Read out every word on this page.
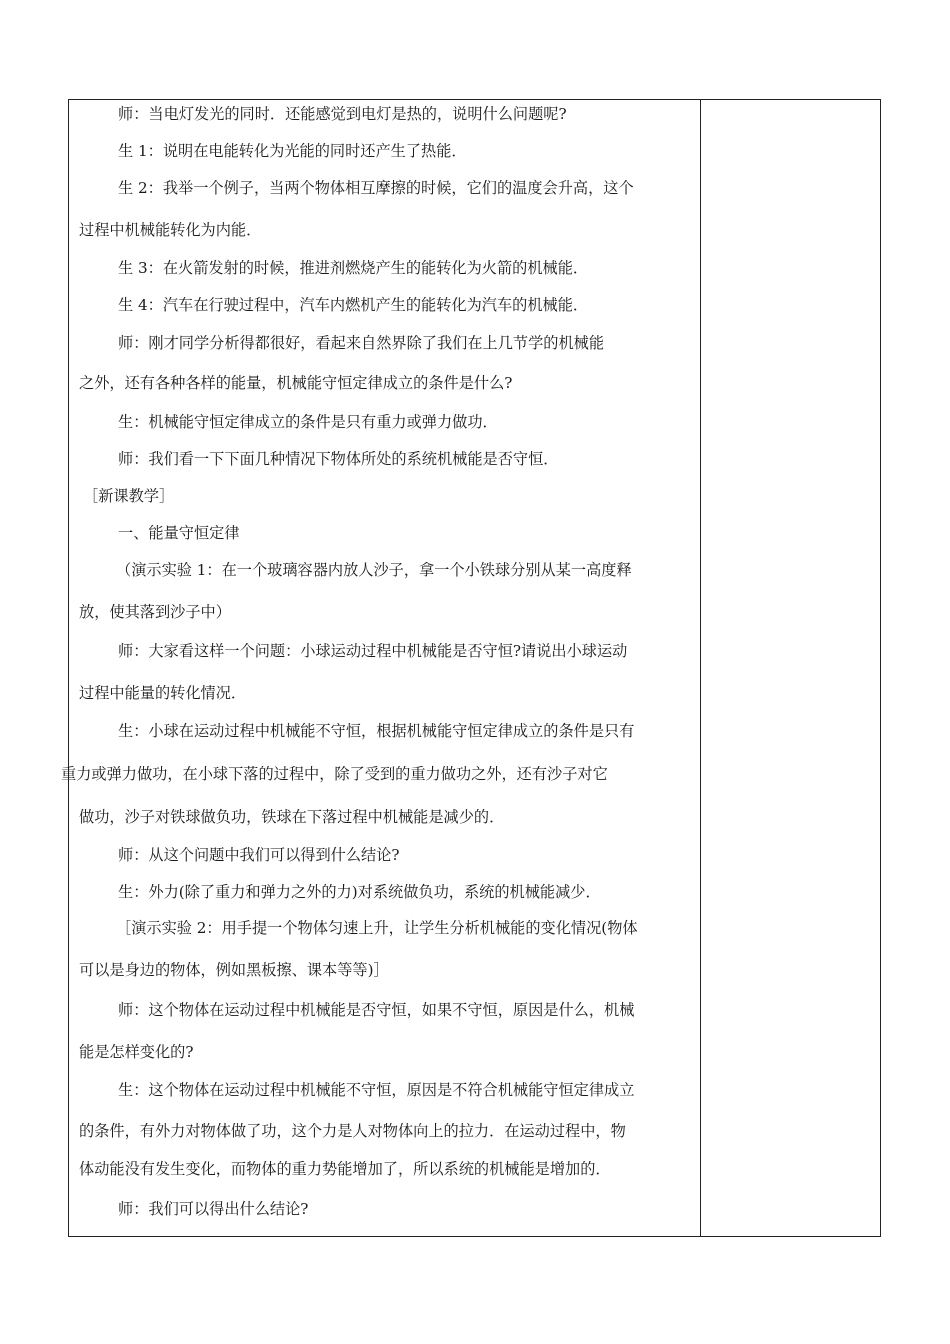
师：当电灯发光的同时．还能感觉到电灯是热的，说明什么问题呢?
生 1：说明在电能转化为光能的同时还产生了热能．
生 2：我举一个例子，当两个物体相互摩擦的时候，它们的温度会升高，这个
过程中机械能转化为内能．
生 3：在火箭发射的时候，推进剂燃烧产生的能转化为火箭的机械能．
生 4：汽车在行驶过程中，汽车内燃机产生的能转化为汽车的机械能．
师：刚才同学分析得都很好，看起来自然界除了我们在上几节学的机械能
之外，还有各种各样的能量，机械能守恒定律成立的条件是什么?
生：机械能守恒定律成立的条件是只有重力或弹力做功．
师：我们看一下下面几种情况下物体所处的系统机械能是否守恒．
［新课教学］
一、能量守恒定律
（演示实验 1：在一个玻璃容器内放人沙子，拿一个小铁球分别从某一高度释
放，使其落到沙子中）
师：大家看这样一个问题：小球运动过程中机械能是否守恒?请说出小球运动
过程中能量的转化情况．
生：小球在运动过程中机械能不守恒，根据机械能守恒定律成立的条件是只有
重力或弹力做功，在小球下落的过程中，除了受到的重力做功之外，还有沙子对它
做功，沙子对铁球做负功，铁球在下落过程中机械能是减少的．
师：从这个问题中我们可以得到什么结论?
生：外力(除了重力和弹力之外的力)对系统做负功，系统的机械能减少．
［演示实验 2：用手提一个物体匀速上升，让学生分析机械能的变化情况(物体
可以是身边的物体，例如黑板擦、课本等等)］
师：这个物体在运动过程中机械能是否守恒，如果不守恒，原因是什么，机械
能是怎样变化的?
生：这个物体在运动过程中机械能不守恒，原因是不符合机械能守恒定律成立
的条件，有外力对物体做了功，这个力是人对物体向上的拉力．在运动过程中，物
体动能没有发生变化，而物体的重力势能增加了，所以系统的机械能是增加的．
师：我们可以得出什么结论?
